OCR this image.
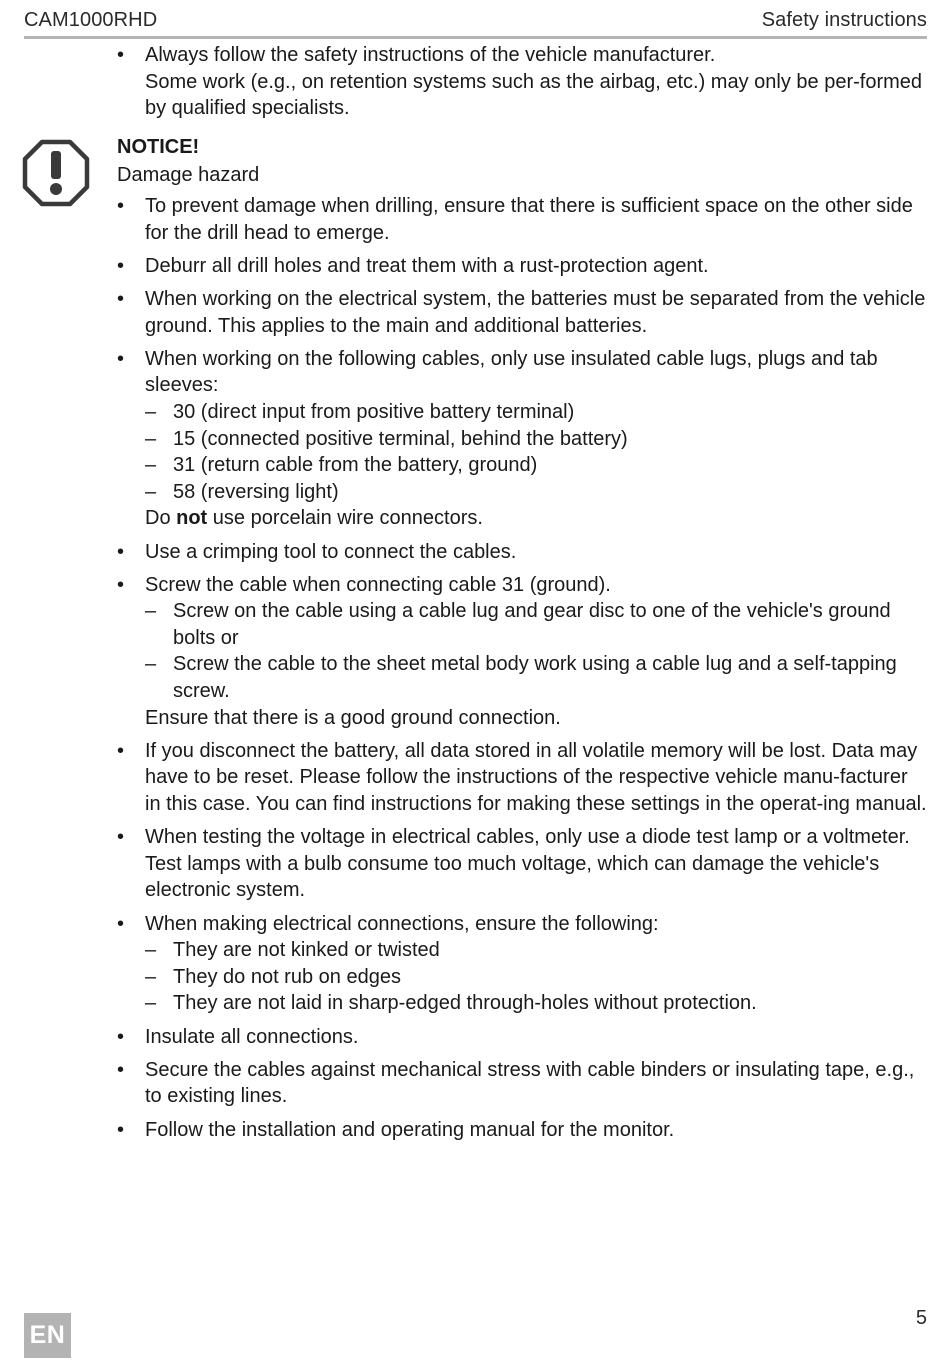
CAM1000RHD	Safety instructions

• Always follow the safety instructions of the vehicle manufacturer.

Some work (e.g., on retention systems such as the airbag, etc.) may only be per-formed by qualified specialists.

NOTICE!
Damage hazard
• To prevent damage when drilling, ensure that there is sufficient space on the other side for the drill head to emerge.
• Deburr all drill holes and treat them with a rust-protection agent.
• When working on the electrical system, the batteries must be separated from the vehicle ground. This applies to the main and additional batteries.

• When working on the following cables, only use insulated cable lugs, plugs and tab sleeves:

– 30 (direct input from positive battery terminal)
– 15 (connected positive terminal, behind the battery)
– 31 (return cable from the battery, ground)
– 58 (reversing light)

Do not use porcelain wire connectors.

• Use a crimping tool to connect the cables.

• Screw the cable when connecting cable 31 (ground).

– Screw on the cable using a cable lug and gear disc to one of the vehicle's ground bolts or
– Screw the cable to the sheet metal body work using a cable lug and a self-tapping screw.

Ensure that there is a good ground connection.

• If you disconnect the battery, all data stored in all volatile memory will be lost. Data may have to be reset. Please follow the instructions of the respective vehicle manu-facturer in this case. You can find instructions for making these settings in the operat-ing manual.

• When testing the voltage in electrical cables, only use a diode test lamp or a voltmeter.

Test lamps with a bulb consume too much voltage, which can damage the vehicle's electronic system.

• When making electrical connections, ensure the following:

– They are not kinked or twisted
– They do not rub on edges
– They are not laid in sharp-edged through-holes without protection.
• Insulate all connections.
• Secure the cables against mechanical stress with cable binders or insulating tape, e.g., to existing lines.
• Follow the installation and operating manual for the monitor.
5
EN
